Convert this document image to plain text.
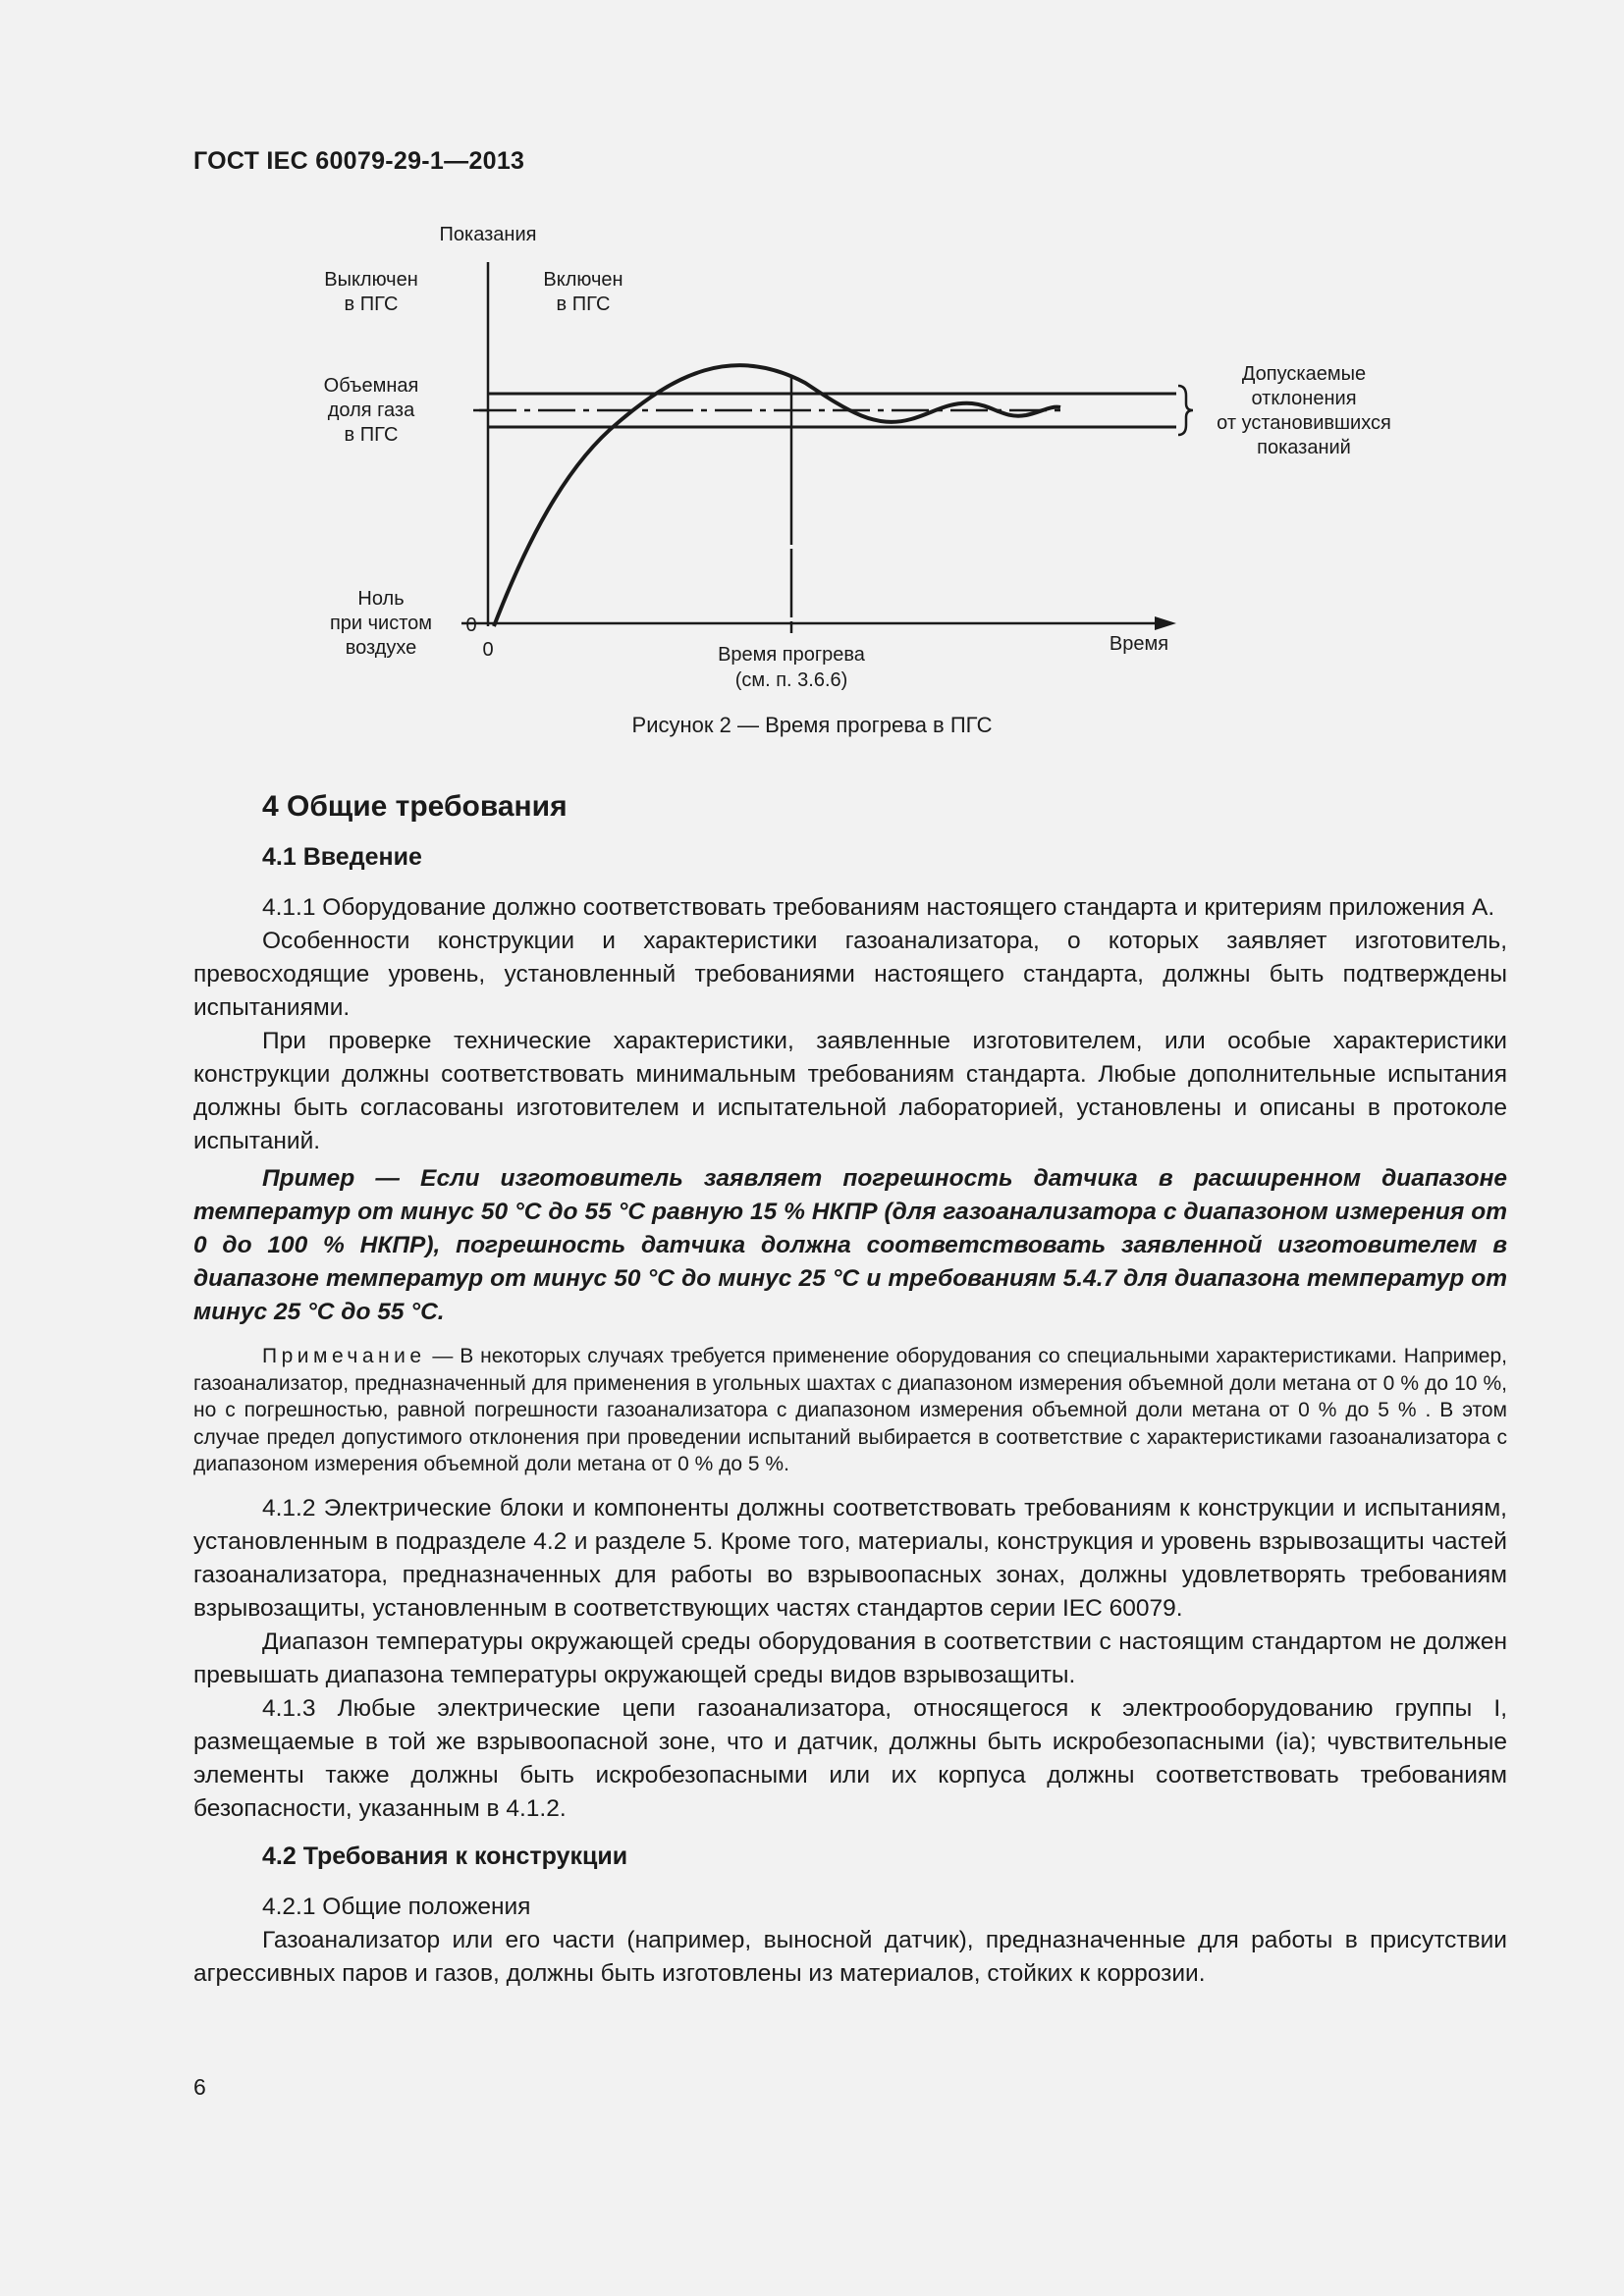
ГОСТ IEC 60079-29-1—2013
Показания
Выключен
в ПГС
Включен
в ПГС
Объемная
доля газа
в ПГС
Ноль
при чистом
воздухе
0
0	Время прогрева
(см. п. 3.6.6)
Время
Допускаемые
отклонения
от установившихся
показаний
Рисунок 2 — Время прогрева в ПГС
4 Общие требования
4.1 Введение

4.1.1 Оборудование должно соответствовать требованиям настоящего стандарта и критериям приложения А.

Особенности конструкции и характеристики газоанализатора, о которых заявляет изготовитель, превосходящие уровень, установленный требованиями настоящего стандарта, должны быть подтверждены испытаниями.

При проверке технические характеристики, заявленные изготовителем, или особые характеристики конструкции должны соответствовать минимальным требованиям стандарта. Любые дополнительные испытания должны быть согласованы изготовителем и испытательной лабораторией, установлены и описаны в протоколе испытаний.

Пример — Если изготовитель заявляет погрешность датчика в расширенном диапазоне температур от минус 50 °С до 55 °С равную 15 % НКПР (для газоанализатора с диапазоном измерения от 0 до 100 % НКПР), погрешность датчика должна соответствовать заявленной изготовителем в диапазоне температур от минус 50 °С до минус 25 °С и требованиям 5.4.7 для диапазона температур от минус 25 °С до 55 °С.

Примечание — В некоторых случаях требуется применение оборудования со специальными характеристиками. Например, газоанализатор, предназначенный для применения в угольных шахтах с диапазоном измерения объемной доли метана от 0 % до 10 %, но с погрешностью, равной погрешности газоанализатора с диапазоном измерения объемной доли метана от 0 % до 5 % . В этом случае предел допустимого отклонения при проведении испытаний выбирается в соответствие с характеристиками газоанализатора с диапазоном измерения объемной доли метана от 0 % до 5 %.

4.1.2 Электрические блоки и компоненты должны соответствовать требованиям к конструкции и испытаниям, установленным в подразделе 4.2 и разделе 5. Кроме того, материалы, конструкция и уровень взрывозащиты частей газоанализатора, предназначенных для работы во взрывоопасных зонах, должны удовлетворять требованиям взрывозащиты, установленным в соответствующих частях стандартов серии IEC 60079.

Диапазон температуры окружающей среды оборудования в соответствии с настоящим стандартом не должен превышать диапазона температуры окружающей среды видов взрывозащиты.

4.1.3 Любые электрические цепи газоанализатора, относящегося к электрооборудованию группы I, размещаемые в той же взрывоопасной зоне, что и датчик, должны быть искробезопасными (ia); чувствительные элементы также должны быть искробезопасными или их корпуса должны соответствовать требованиям безопасности, указанным в 4.1.2.

4.2 Требования к конструкции

4.2.1 Общие положения

Газоанализатор или его части (например, выносной датчик), предназначенные для работы в присутствии агрессивных паров и газов, должны быть изготовлены из материалов, стойких к коррозии.

6
